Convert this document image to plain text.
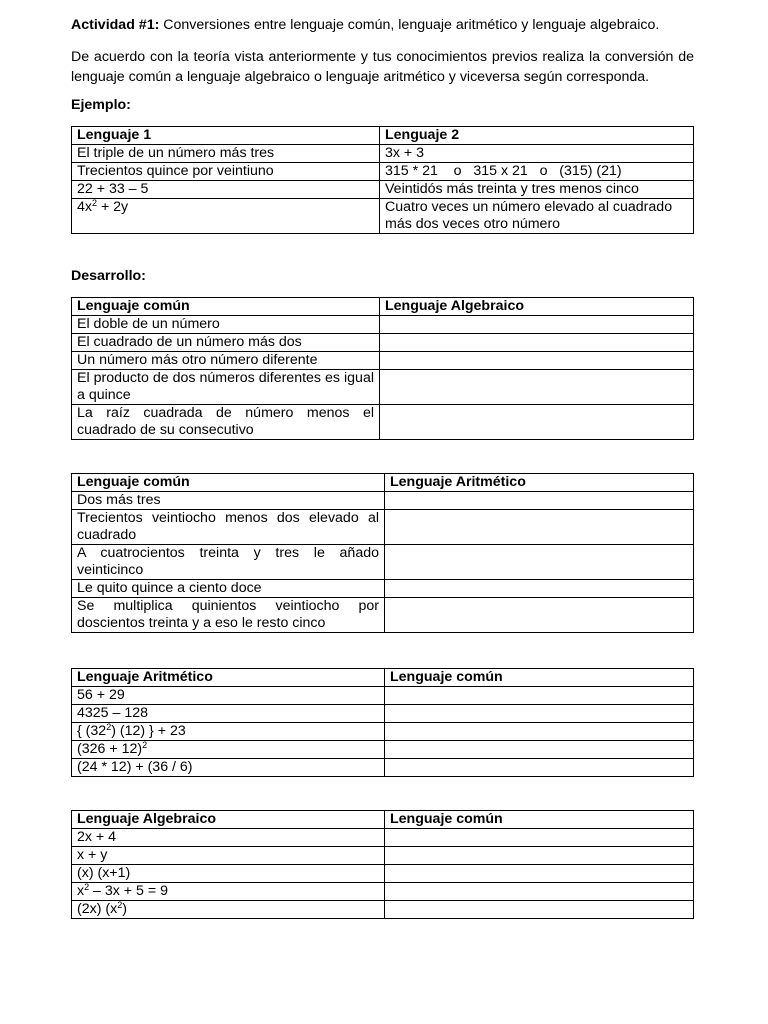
Actividad #1: Conversiones entre lenguaje común, lenguaje aritmético y lenguaje algebraico.
De acuerdo con la teoría vista anteriormente y tus conocimientos previos realiza la conversión de lenguaje común a lenguaje algebraico o lenguaje aritmético y viceversa según corresponda.
Ejemplo:
Lenguaje 1	Lenguaje 2
El triple de un número más tres	3x + 3
Trecientos quince por veintiuno	315 * 21    o   315 x 21   o   (315) (21)
22 + 33 – 5	Veintidós más treinta y tres menos cinco
$4x^2 + 2y$	Cuatro veces un número elevado al cuadrado más dos veces otro número
Desarrollo:
Lenguaje común	Lenguaje Algebraico
El doble de un número	
El cuadrado de un número más dos	
Un número más otro número diferente	
El producto de dos números diferentes es igual a quince	
La raíz cuadrada de número menos el cuadrado de su consecutivo	
Lenguaje común	Lenguaje Aritmético
Dos más tres	
Trecientos veintiocho menos dos elevado al cuadrado	
A cuatrocientos treinta y tres le añado veinticinco	
Le quito quince a ciento doce	
Se multiplica quinientos veintiocho por doscientos treinta y a eso le resto cinco	
Lenguaje Aritmético	Lenguaje común
56 + 29	
4325 – 128	
{ $(32^2)$ (12) } + 23	
$(326 + 12)^2$	
(24 * 12) + (36 / 6)	
Lenguaje Algebraico	Lenguaje común
2x + 4	
x + y	
(x) (x+1)	
$x^2 - 3x + 5 = 9$	
(2x) $(x^2)$	
